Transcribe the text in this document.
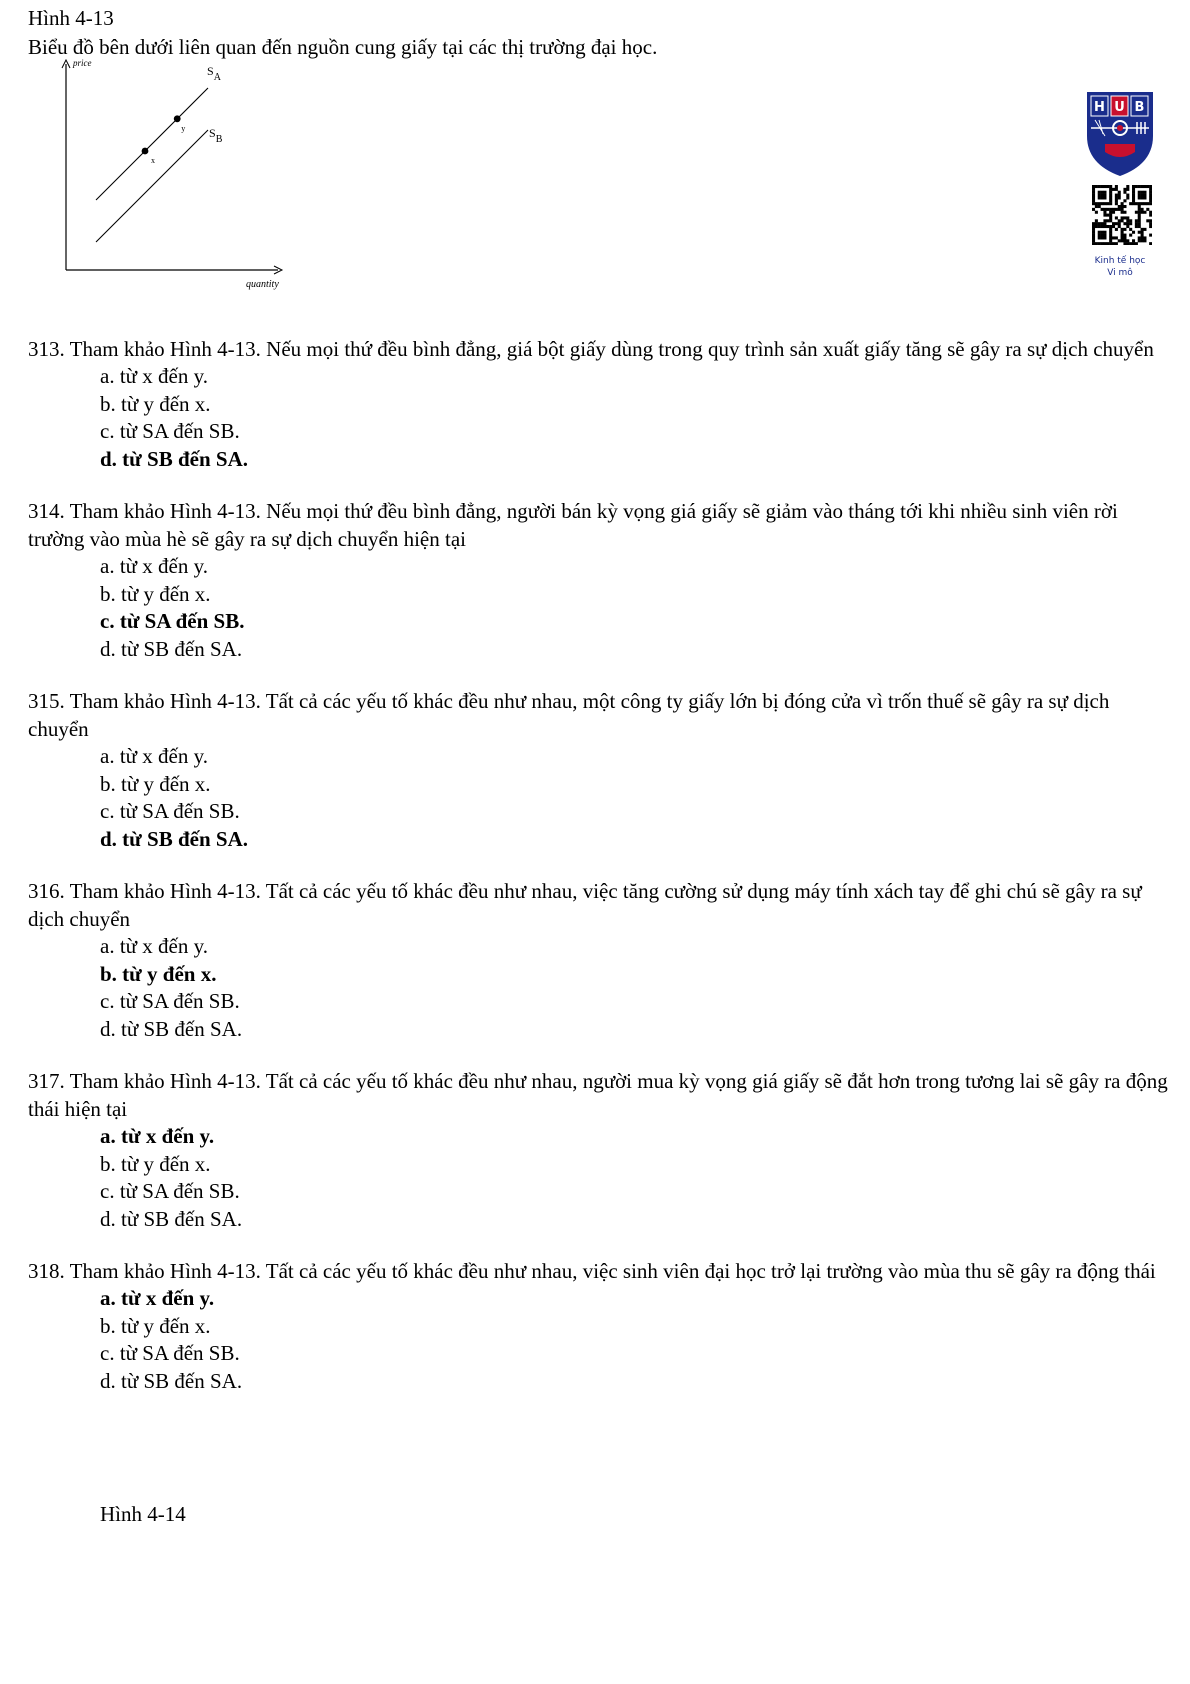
Hình 4-13
Biểu đồ bên dưới liên quan đến nguồn cung giấy tại các thị trường đại học.
price
quantity
x
y
$S_A$
$S_B$
H U B
Kinh tế học
Vi mô

313. Tham khảo Hình 4-13. Nếu mọi thứ đều bình đẳng, giá bột giấy dùng trong quy trình sản xuất giấy tăng sẽ gây ra sự dịch chuyển

a. từ x đến y.
b. từ y đến x.
c. từ SA đến SB.
d. từ SB đến SA.

314. Tham khảo Hình 4-13. Nếu mọi thứ đều bình đẳng, người bán kỳ vọng giá giấy sẽ giảm vào tháng tới khi nhiều sinh viên rời trường vào mùa hè sẽ gây ra sự dịch chuyển hiện tại

a. từ x đến y.
b. từ y đến x.
c. từ SA đến SB.
d. từ SB đến SA.

315. Tham khảo Hình 4-13. Tất cả các yếu tố khác đều như nhau, một công ty giấy lớn bị đóng cửa vì trốn thuế sẽ gây ra sự dịch chuyển

a. từ x đến y.
b. từ y đến x.
c. từ SA đến SB.
d. từ SB đến SA.

316. Tham khảo Hình 4-13. Tất cả các yếu tố khác đều như nhau, việc tăng cường sử dụng máy tính xách tay để ghi chú sẽ gây ra sự dịch chuyển

a. từ x đến y.
b. từ y đến x.
c. từ SA đến SB.
d. từ SB đến SA.

317. Tham khảo Hình 4-13. Tất cả các yếu tố khác đều như nhau, người mua kỳ vọng giá giấy sẽ đắt hơn trong tương lai sẽ gây ra động thái hiện tại

a. từ x đến y.
b. từ y đến x.
c. từ SA đến SB.
d. từ SB đến SA.

318. Tham khảo Hình 4-13. Tất cả các yếu tố khác đều như nhau, việc sinh viên đại học trở lại trường vào mùa thu sẽ gây ra động thái

a. từ x đến y.
b. từ y đến x.
c. từ SA đến SB.
d. từ SB đến SA.
Hình 4-14
